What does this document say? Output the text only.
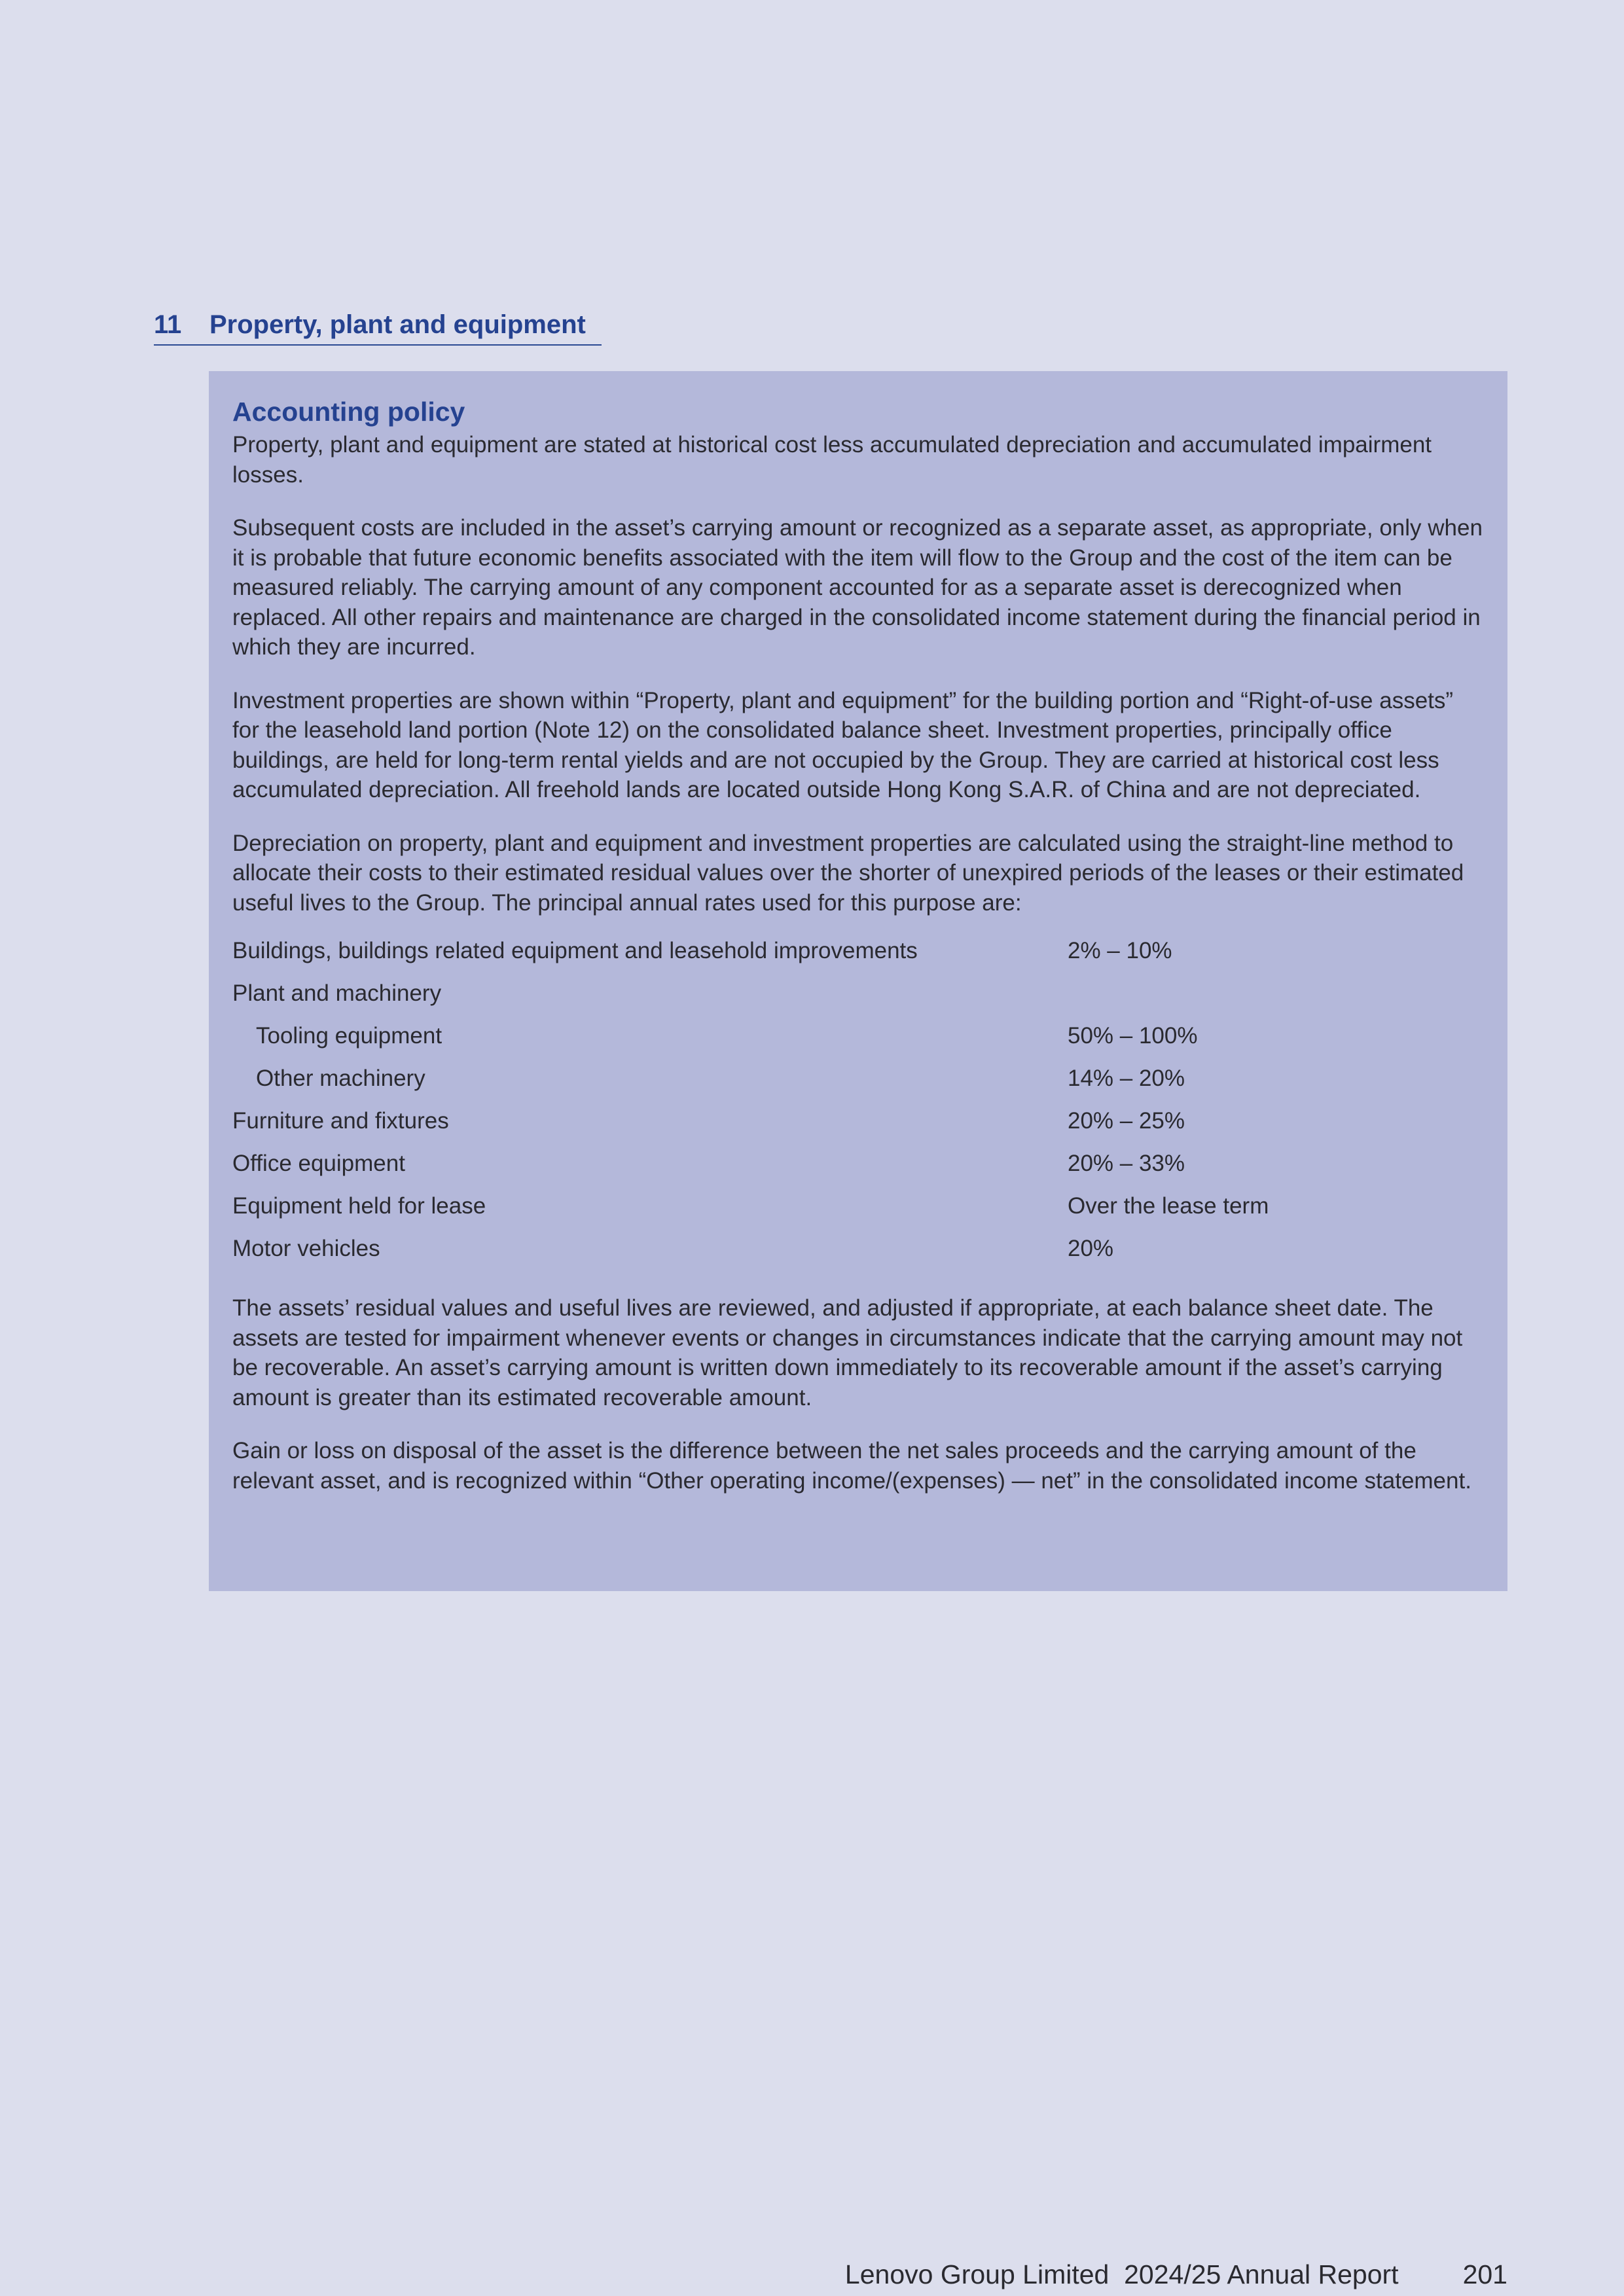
11	Property, plant and equipment
Accounting policy

Property, plant and equipment are stated at historical cost less accumulated depreciation and accumulated impairment losses.

Subsequent costs are included in the asset’s carrying amount or recognized as a separate asset, as appropriate, only when it is probable that future economic benefits associated with the item will flow to the Group and the cost of the item can be measured reliably. The carrying amount of any component accounted for as a separate asset is derecognized when replaced. All other repairs and maintenance are charged in the consolidated income statement during the financial period in which they are incurred.

Investment properties are shown within “Property, plant and equipment” for the building portion and “Right-of-use assets” for the leasehold land portion (Note 12) on the consolidated balance sheet. Investment properties, principally office buildings, are held for long-term rental yields and are not occupied by the Group. They are carried at historical cost less accumulated depreciation. All freehold lands are located outside Hong Kong S.A.R. of China and are not depreciated.

Depreciation on property, plant and equipment and investment properties are calculated using the straight-line method to allocate their costs to their estimated residual values over the shorter of unexpired periods of the leases or their estimated useful lives to the Group. The principal annual rates used for this purpose are:

Buildings, buildings related equipment and leasehold improvements	2% – 10%
Plant and machinery
Tooling equipment	50% – 100%
Other machinery	14% – 20%
Furniture and fixtures	20% – 25%
Office equipment	20% – 33%
Equipment held for lease	Over the lease term
Motor vehicles	20%

The assets’ residual values and useful lives are reviewed, and adjusted if appropriate, at each balance sheet date. The assets are tested for impairment whenever events or changes in circumstances indicate that the carrying amount may not be recoverable. An asset’s carrying amount is written down immediately to its recoverable amount if the asset’s carrying amount is greater than its estimated recoverable amount.

Gain or loss on disposal of the asset is the difference between the net sales proceeds and the carrying amount of the relevant asset, and is recognized within “Other operating income/(expenses) — net” in the consolidated income statement.

Lenovo Group Limited  2024/25 Annual Report 201
